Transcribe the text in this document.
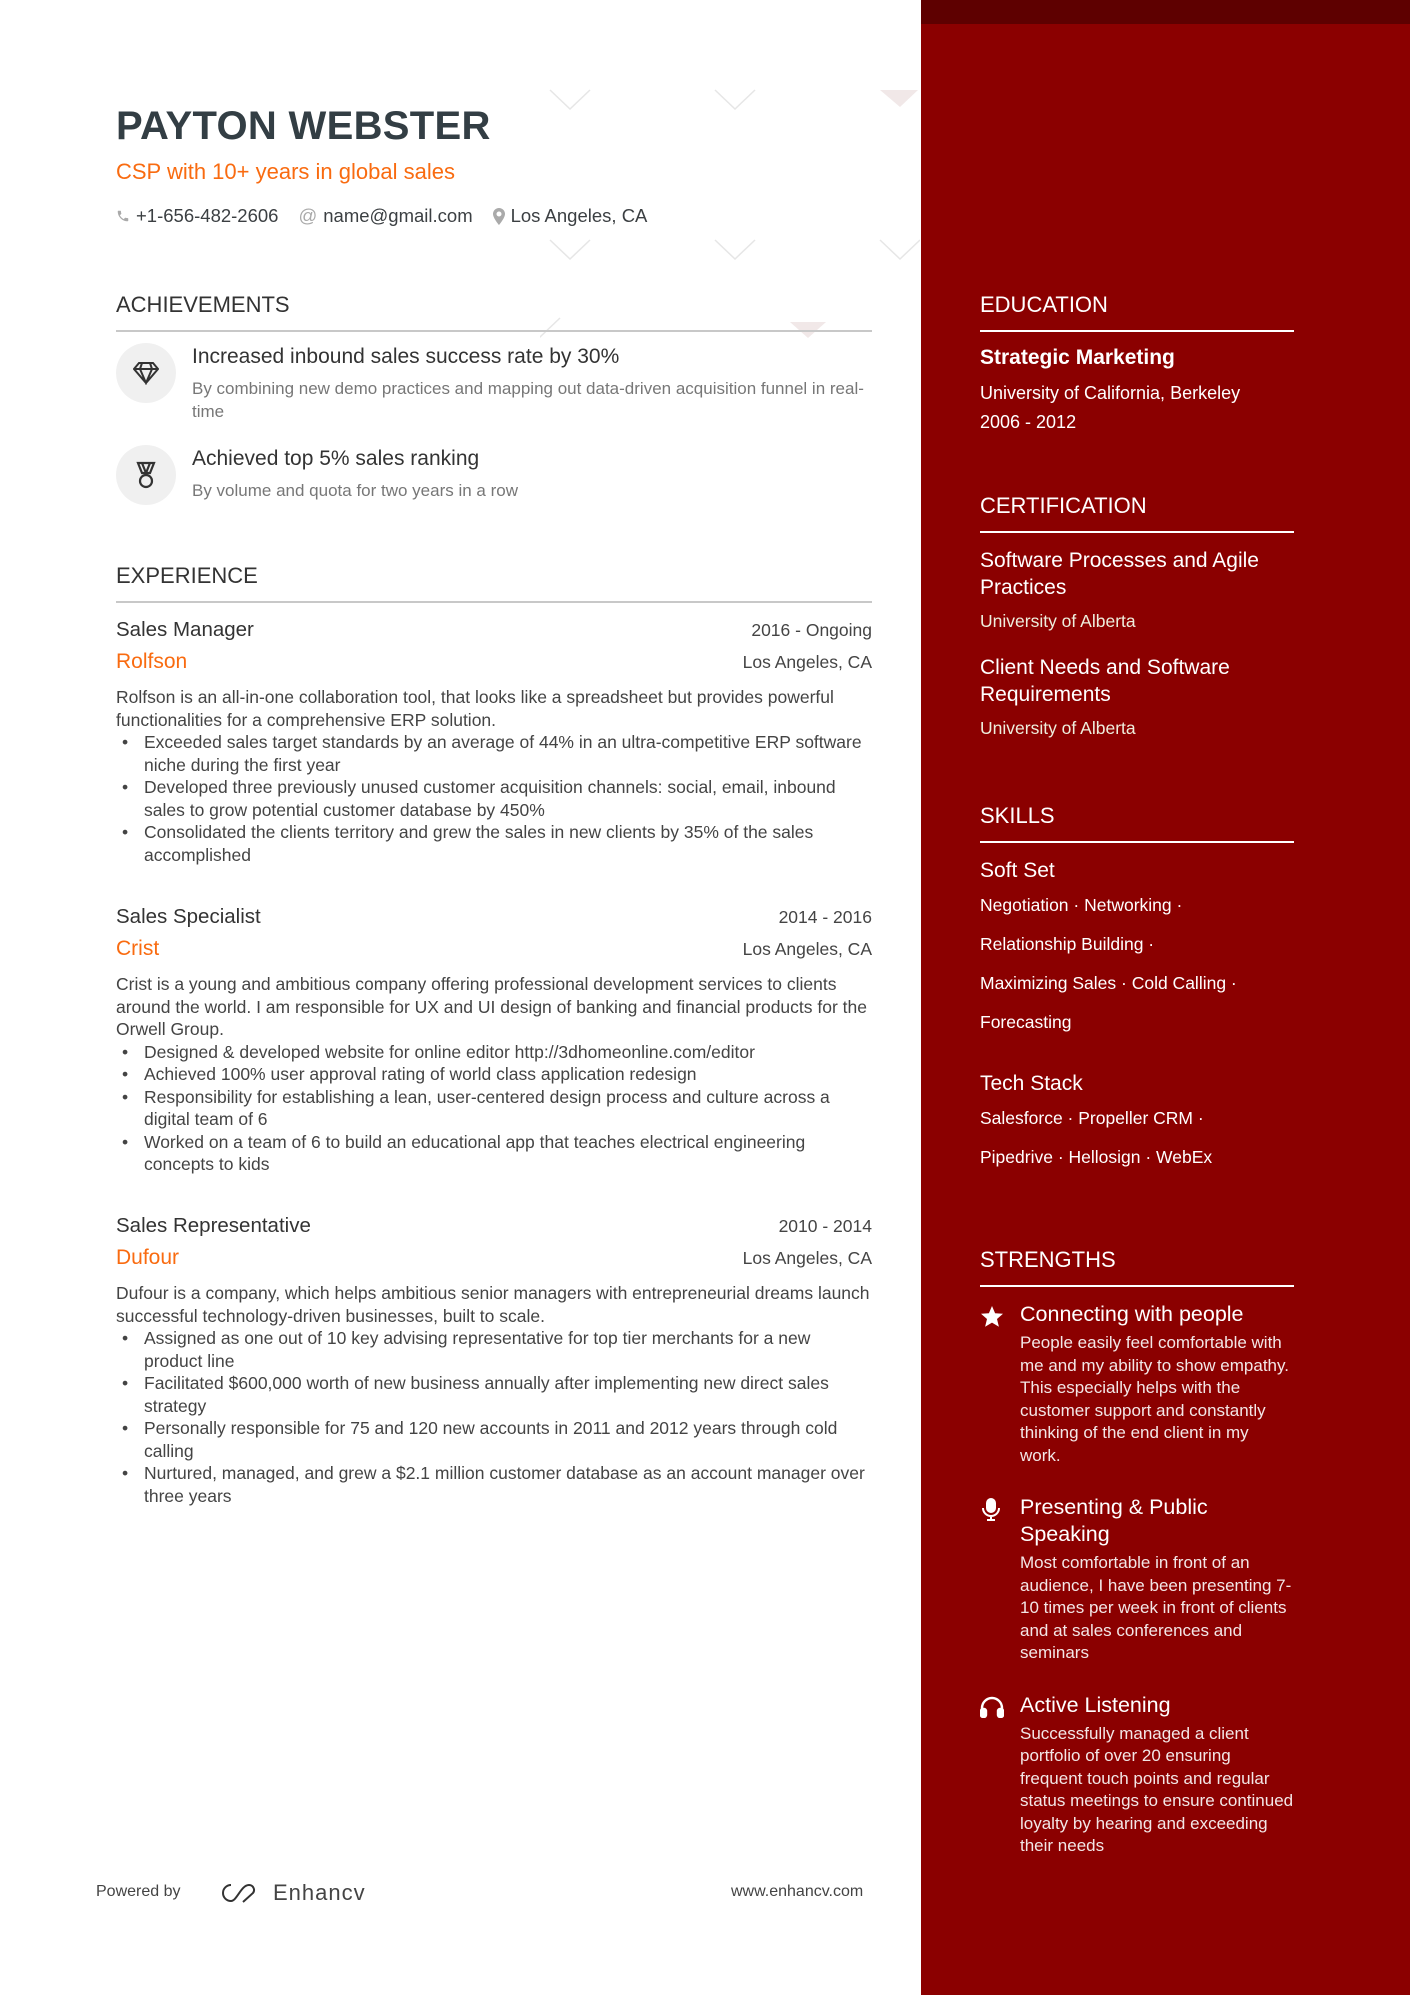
PAYTON WEBSTER
CSP with 10+ years in global sales
+1-656-482-2606 @ name@gmail.com Los Angeles, CA
ACHIEVEMENTS
Increased inbound sales success rate by 30%
By combining new demo practices and mapping out data-driven acquisition funnel in real-time
Achieved top 5% sales ranking
By volume and quota for two years in a row
EXPERIENCE
Sales Manager	2016 - Ongoing
Rolfson	Los Angeles, CA
Rolfson is an all-in-one collaboration tool, that looks like a spreadsheet but provides powerful functionalities for a comprehensive ERP solution.
• Exceeded sales target standards by an average of 44% in an ultra-competitive ERP software niche during the first year
• Developed three previously unused customer acquisition channels: social, email, inbound sales to grow potential customer database by 450%
• Consolidated the clients territory and grew the sales in new clients by 35% of the sales accomplished
Sales Specialist	2014 - 2016
Crist	Los Angeles, CA
Crist is a young and ambitious company offering professional development services to clients around the world. I am responsible for UX and UI design of banking and financial products for the Orwell Group.
• Designed & developed website for online editor http://3dhomeonline.com/editor
• Achieved 100% user approval rating of world class application redesign
• Responsibility for establishing a lean, user-centered design process and culture across a digital team of 6
• Worked on a team of 6 to build an educational app that teaches electrical engineering concepts to kids
Sales Representative	2010 - 2014
Dufour	Los Angeles, CA
Dufour is a company, which helps ambitious senior managers with entrepreneurial dreams launch successful technology-driven businesses, built to scale.
• Assigned as one out of 10 key advising representative for top tier merchants for a new product line
• Facilitated $600,000 worth of new business annually after implementing new direct sales strategy
• Personally responsible for 75 and 120 new accounts in 2011 and 2012 years through cold calling
• Nurtured, managed, and grew a $2.1 million customer database as an account manager over three years
Powered by	Enhancv	www.enhancv.com
EDUCATION
Strategic Marketing
University of California, Berkeley
2006 - 2012
CERTIFICATION
Software Processes and Agile Practices
University of Alberta
Client Needs and Software Requirements
University of Alberta
SKILLS
Soft Set
Negotiation · Networking ·
Relationship Building ·
Maximizing Sales · Cold Calling ·
Forecasting
Tech Stack
Salesforce · Propeller CRM ·
Pipedrive · Hellosign · WebEx
STRENGTHS
Connecting with people
People easily feel comfortable with me and my ability to show empathy. This especially helps with the customer support and constantly thinking of the end client in my work.
Presenting & Public Speaking
Most comfortable in front of an audience, I have been presenting 7-10 times per week in front of clients and at sales conferences and seminars
Active Listening
Successfully managed a client portfolio of over 20 ensuring frequent touch points and regular status meetings to ensure continued loyalty by hearing and exceeding their needs
